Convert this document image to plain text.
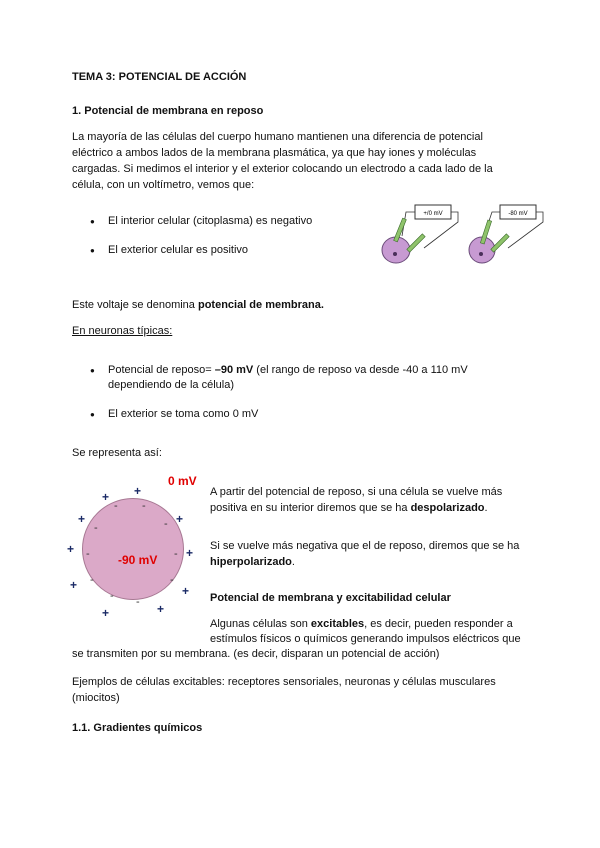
TEMA 3: POTENCIAL DE ACCIÓN
1. Potencial de membrana en reposo
La mayoría de las células del cuerpo humano mantienen una diferencia de potencial eléctrico a ambos lados de la membrana plasmática, ya que hay iones y moléculas cargadas. Si medimos el interior y el exterior colocando un electrodo a cada lado de la célula, con un voltímetro, vemos que:
● El interior celular (citoplasma) es negativo
● El exterior celular es positivo
+/0 mV	-80 mV
Este voltaje se denomina potencial de membrana.
En neuronas típicas:
● Potencial de reposo= –90 mV (el rango de reposo va desde -40 a 110 mV dependiendo de la célula)
● El exterior se toma como 0 mV
Se representa así:
0 mV
-90 mV
+ +
+
+
+
+	+
+
+
+
- -
-	-
-	-
-	-
- -
A partir del potencial de reposo, si una célula se vuelve más positiva en su interior diremos que se ha despolarizado.
Si se vuelve más negativa que el de reposo, diremos que se ha hiperpolarizado.
Potencial de membrana y excitabilidad celular
Algunas células son excitables, es decir, pueden responder a
estímulos físicos o químicos generando impulsos eléctricos que
se transmiten por su membrana. (es decir, disparan un potencial de acción)
Ejemplos de células excitables: receptores sensoriales, neuronas y células musculares (miocitos)
1.1. Gradientes químicos
